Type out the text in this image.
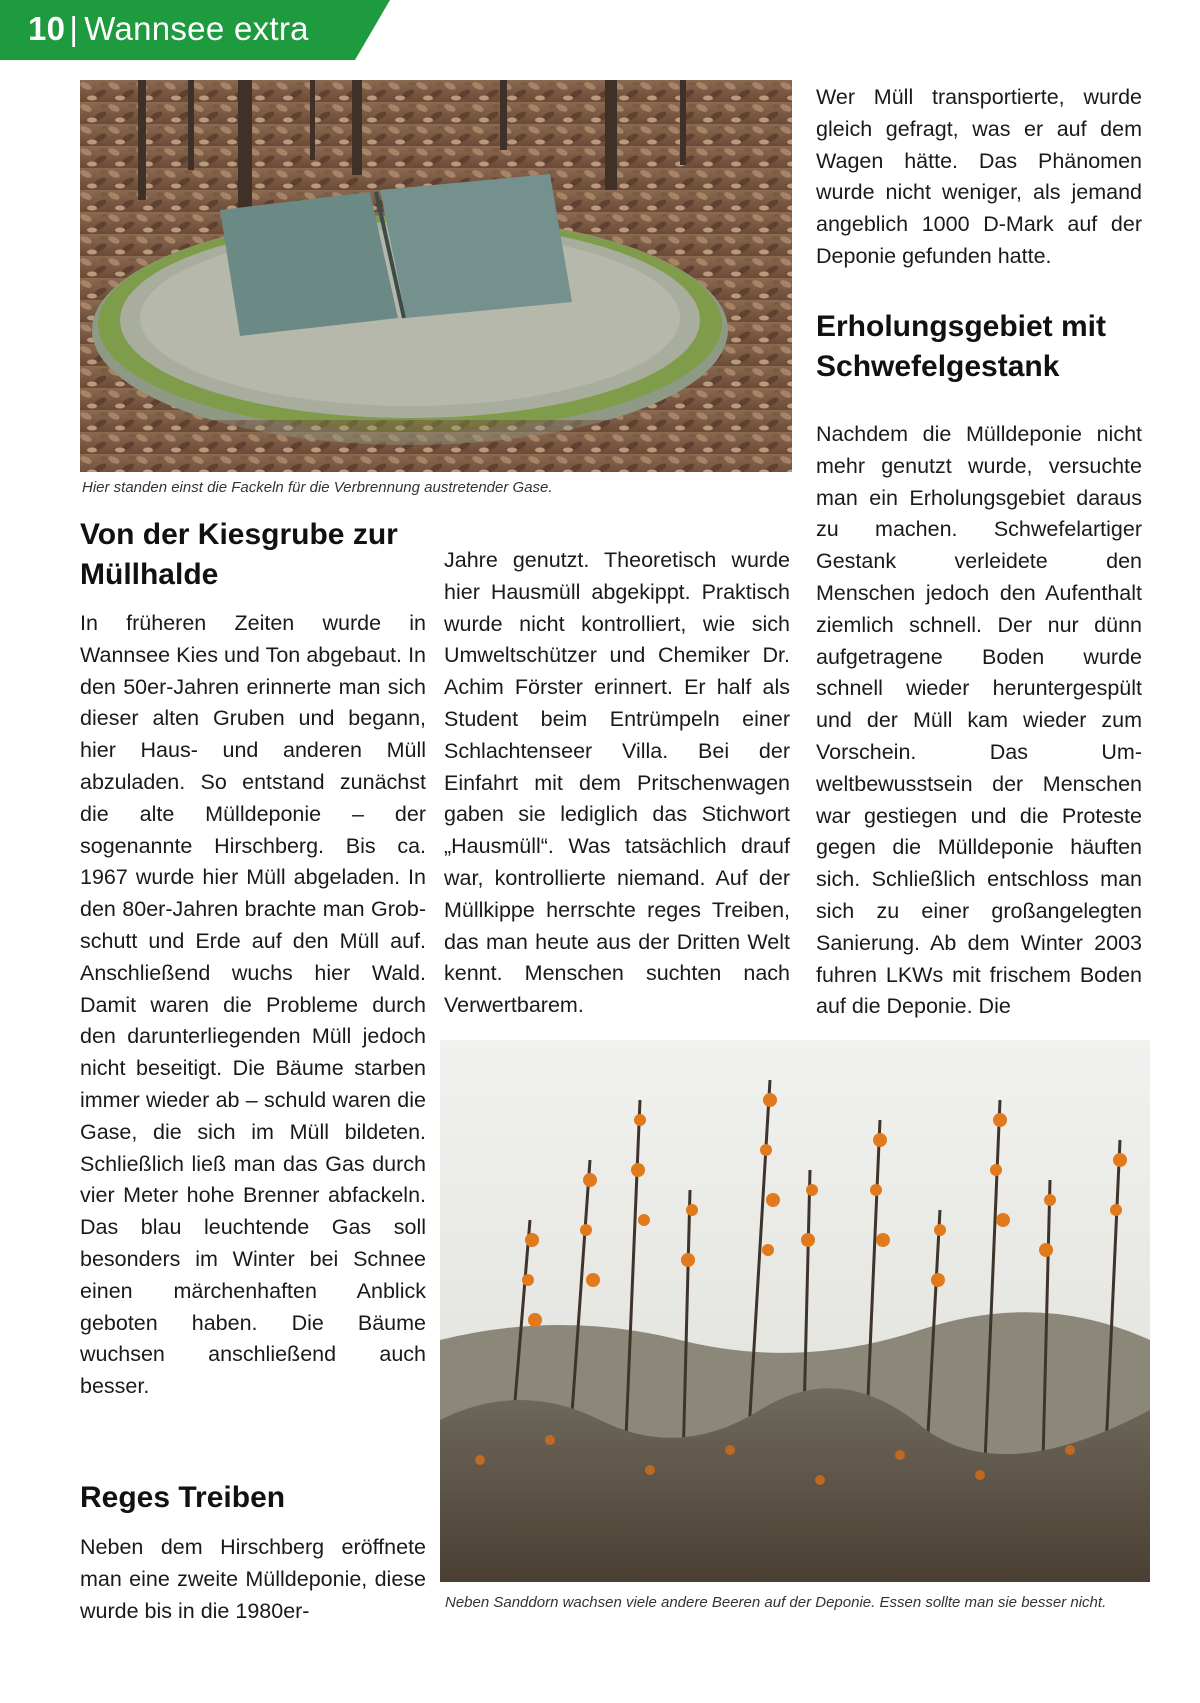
10 | Wannsee extra
Hier standen einst die Fackeln für die Verbrennung austretender Gase.
Wer Müll transportierte, wurde gleich gefragt, was er auf dem Wagen hätte. Das Phänomen wurde nicht weniger, als jemand angeblich 1000 D-Mark auf der Deponie gefunden hatte.
Erholungsgebiet mit Schwefelgestank
Nachdem die Mülldeponie nicht mehr genutzt wurde, versuchte man ein Erholungsgebiet daraus zu machen. Schwefelartiger Gestank verleidete den Menschen jedoch den Aufenthalt ziemlich schnell. Der nur dünn aufgetragene Boden wurde schnell wieder heruntergespült und der Müll kam wieder zum Vorschein. Das Umweltbewusstsein der Menschen war gestiegen und die Proteste gegen die Mülldeponie häuften sich. Schließlich entschloss man sich zu einer großangelegten Sanierung. Ab dem Winter 2003 fuhren LKWs mit frischem Boden auf die Deponie. Die
Von der Kiesgrube zur Müllhalde
In früheren Zeiten wurde in Wannsee Kies und Ton abgebaut. In den 50er-Jahren erinnerte man sich dieser alten Gruben und begann, hier Haus- und anderen Müll abzuladen. So entstand zunächst die alte Mülldeponie – der sogenannte Hirschberg. Bis ca. 1967 wurde hier Müll abgeladen. In den 80er-Jahren brachte man Grobschutt und Erde auf den Müll auf. Anschließend wuchs hier Wald. Damit waren die Probleme durch den darunterliegenden Müll jedoch nicht beseitigt. Die Bäume starben immer wieder ab – schuld waren die Gase, die sich im Müll bildeten. Schließlich ließ man das Gas durch vier Meter hohe Brenner abfackeln. Das blau leuchtende Gas soll besonders im Winter bei Schnee einen märchenhaften Anblick geboten haben. Die Bäume wuchsen anschließend auch besser.
Reges Treiben
Neben dem Hirschberg eröffnete man eine zweite Mülldeponie, diese wurde bis in die 1980er-
Jahre genutzt. Theoretisch wurde hier Hausmüll abgekippt. Praktisch wurde nicht kontrolliert, wie sich Umweltschützer und Chemiker Dr. Achim Förster erinnert. Er half als Student beim Entrümpeln einer Schlachtenseer Villa. Bei der Einfahrt mit dem Pritschenwagen gaben sie lediglich das Stichwort „Hausmüll“. Was tatsächlich drauf war, kontrollierte niemand. Auf der Müllkippe herrschte reges Treiben, das man heute aus der Dritten Welt kennt. Menschen suchten nach Verwertbarem.
Neben Sanddorn wachsen viele andere Beeren auf der Deponie. Essen sollte man sie besser nicht.
